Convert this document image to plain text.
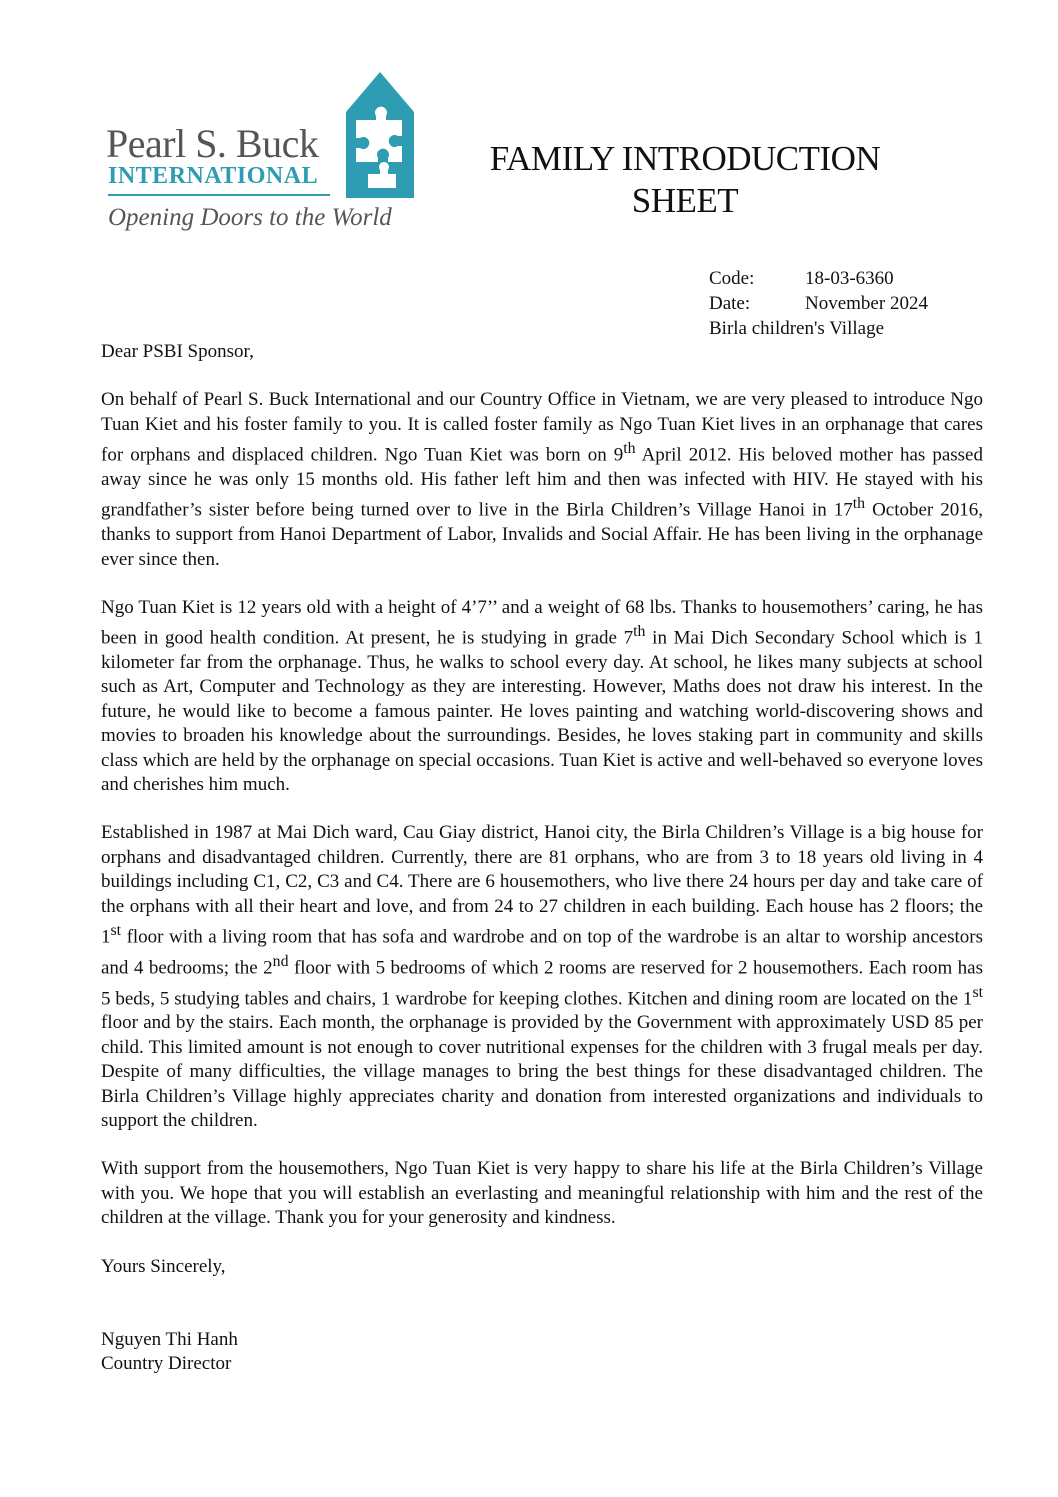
Pearl S. Buck
INTERNATIONAL
Opening Doors to the World
FAMILY INTRODUCTION
SHEET
Code:	18-03-6360
Date:	November 2024
Birla children's Village

Dear PSBI Sponsor,

On behalf of Pearl S. Buck International and our Country Office in Vietnam, we are very pleased to introduce Ngo Tuan Kiet and his foster family to you. It is called foster family as Ngo Tuan Kiet lives in an orphanage that cares for orphans and displaced children. Ngo Tuan Kiet was born on 9th April 2012. His beloved mother has passed away since he was only 15 months old. His father left him and then was infected with HIV. He stayed with his grandfather’s sister before being turned over to live in the Birla Children’s Village Hanoi in 17th October 2016, thanks to support from Hanoi Department of Labor, Invalids and Social Affair. He has been living in the orphanage ever since then.

Ngo Tuan Kiet is 12 years old with a height of 4’7’’ and a weight of 68 lbs. Thanks to housemothers’ caring, he has been in good health condition. At present, he is studying in grade 7th in Mai Dich Secondary School which is 1 kilometer far from the orphanage. Thus, he walks to school every day. At school, he likes many subjects at school such as Art, Computer and Technology as they are interesting. However, Maths does not draw his interest. In the future, he would like to become a famous painter. He loves painting and watching world-discovering shows and movies to broaden his knowledge about the surroundings. Besides, he loves staking part in community and skills class which are held by the orphanage on special occasions. Tuan Kiet is active and well-behaved so everyone loves and cherishes him much.

Established in 1987 at Mai Dich ward, Cau Giay district, Hanoi city, the Birla Children’s Village is a big house for orphans and disadvantaged children. Currently, there are 81 orphans, who are from 3 to 18 years old living in 4 buildings including C1, C2, C3 and C4. There are 6 housemothers, who live there 24 hours per day and take care of the orphans with all their heart and love, and from 24 to 27 children in each building. Each house has 2 floors; the 1st floor with a living room that has sofa and wardrobe and on top of the wardrobe is an altar to worship ancestors and 4 bedrooms; the 2nd floor with 5 bedrooms of which 2 rooms are reserved for 2 housemothers. Each room has 5 beds, 5 studying tables and chairs, 1 wardrobe for keeping clothes. Kitchen and dining room are located on the 1st floor and by the stairs. Each month, the orphanage is provided by the Government with approximately USD 85 per child. This limited amount is not enough to cover nutritional expenses for the children with 3 frugal meals per day. Despite of many difficulties, the village manages to bring the best things for these disadvantaged children. The Birla Children’s Village highly appreciates charity and donation from interested organizations and individuals to support the children.

With support from the housemothers, Ngo Tuan Kiet is very happy to share his life at the Birla Children’s Village with you. We hope that you will establish an everlasting and meaningful relationship with him and the rest of the children at the village. Thank you for your generosity and kindness.

Yours Sincerely,

Nguyen Thi Hanh

Country Director
